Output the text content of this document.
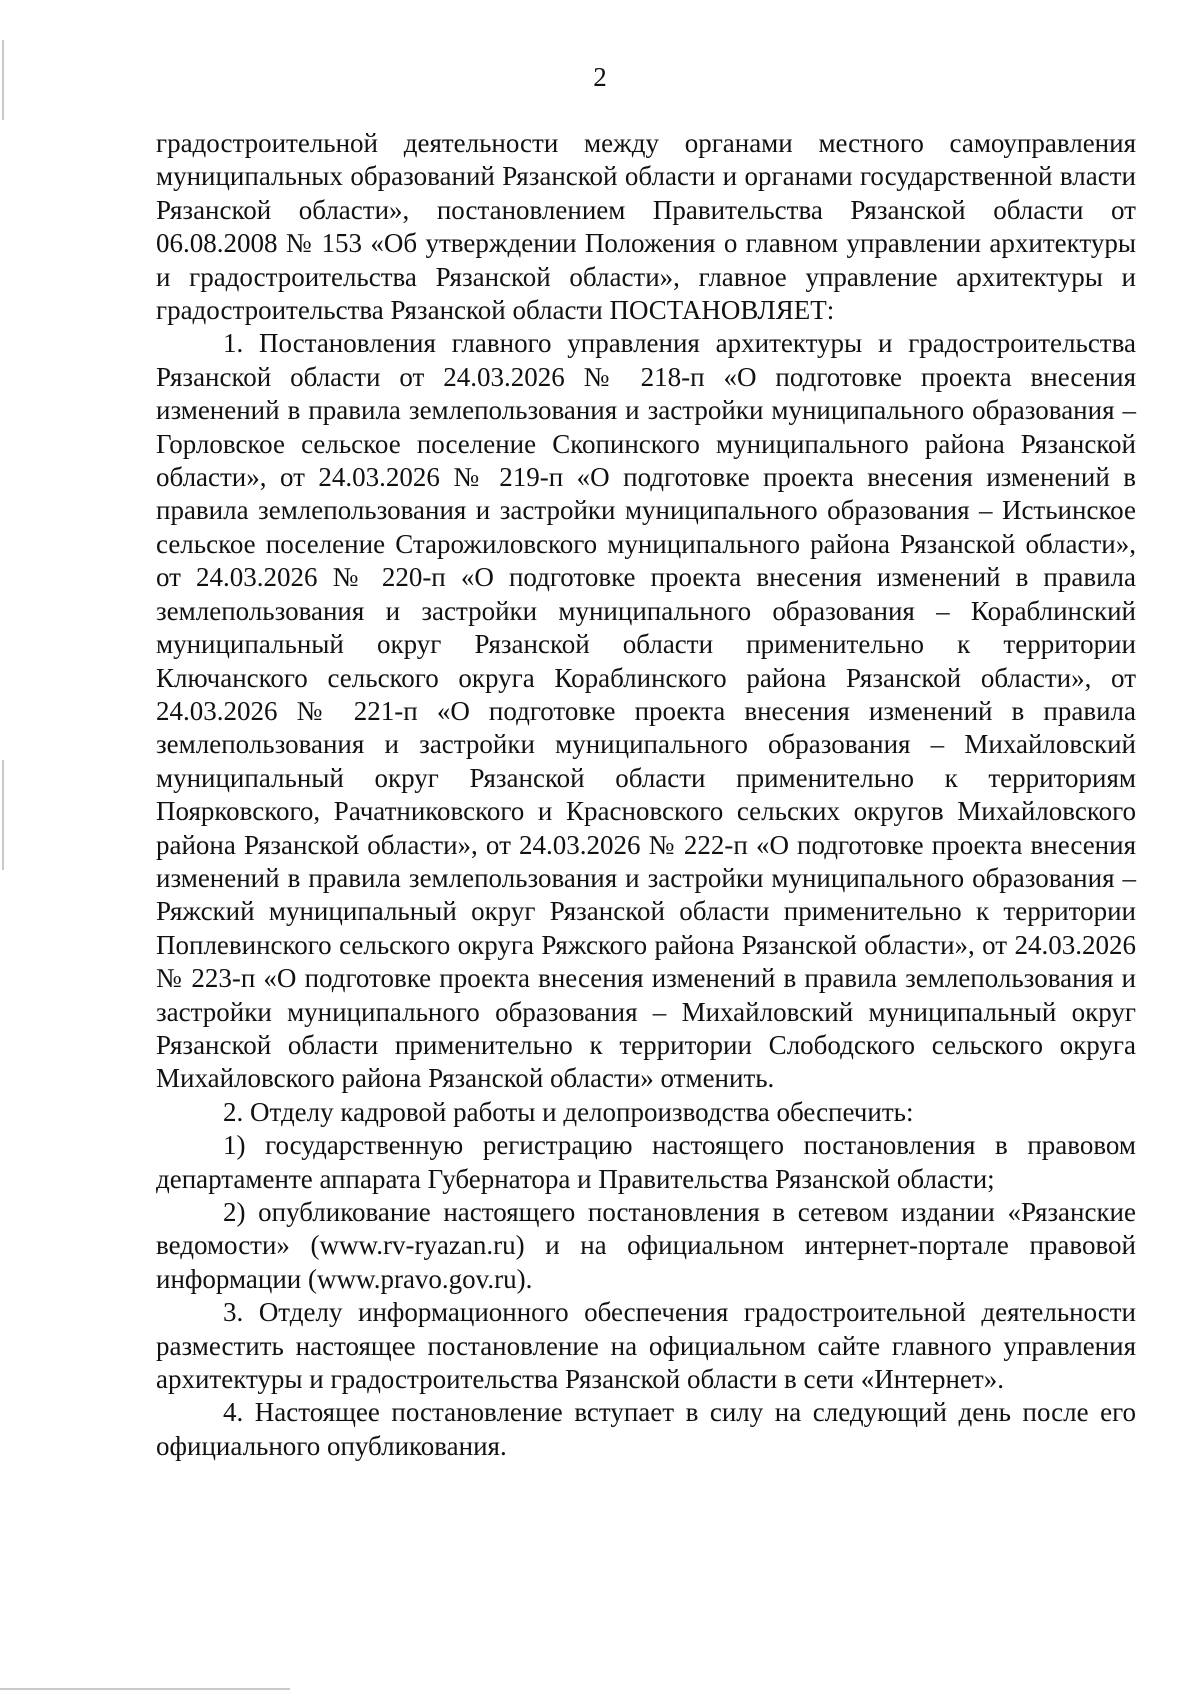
2

градостроительной деятельности между органами местного самоуправления муниципальных образований Рязанской области и органами государственной власти Рязанской области», постановлением Правительства Рязанской области от 06.08.2008 № 153 «Об утверждении Положения о главном управлении архитектуры и градостроительства Рязанской области», главное управление архитектуры и градостроительства Рязанской области ПОСТАНОВЛЯЕТ:

1. Постановления главного управления архитектуры и градостроительства Рязанской области от 24.03.2026 № 218-п «О подготовке проекта внесения изменений в правила землепользования и застройки муниципального образования – Горловское сельское поселение Скопинского муниципального района Рязанской области», от 24.03.2026 № 219-п «О подготовке проекта внесения изменений в правила землепользования и застройки муниципального образования – Истьинское сельское поселение Старожиловского муниципального района Рязанской области», от 24.03.2026 № 220-п «О подготовке проекта внесения изменений в правила землепользования и застройки муниципального образования – Кораблинский муниципальный округ Рязанской области применительно к территории Ключанского сельского округа Кораблинского района Рязанской области», от 24.03.2026 № 221-п «О подготовке проекта внесения изменений в правила землепользования и застройки муниципального образования – Михайловский муниципальный округ Рязанской области применительно к территориям Поярковского, Рачатниковского и Красновского сельских округов Михайловского района Рязанской области», от 24.03.2026 № 222-п «О подготовке проекта внесения изменений в правила землепользования и застройки муниципального образования – Ряжский муниципальный округ Рязанской области применительно к территории Поплевинского сельского округа Ряжского района Рязанской области», от 24.03.2026 № 223-п «О подготовке проекта внесения изменений в правила землепользования и застройки муниципального образования – Михайловский муниципальный округ Рязанской области применительно к территории Слободского сельского округа Михайловского района Рязанской области» отменить.

2. Отделу кадровой работы и делопроизводства обеспечить:

1) государственную регистрацию настоящего постановления в правовом департаменте аппарата Губернатора и Правительства Рязанской области;

2) опубликование настоящего постановления в сетевом издании «Рязанские ведомости» (www.rv-ryazan.ru) и на официальном интернет-портале правовой информации (www.pravo.gov.ru).

3. Отделу информационного обеспечения градостроительной деятельности разместить настоящее постановление на официальном сайте главного управления архитектуры и градостроительства Рязанской области в сети «Интернет».

4. Настоящее постановление вступает в силу на следующий день после его официального опубликования.
